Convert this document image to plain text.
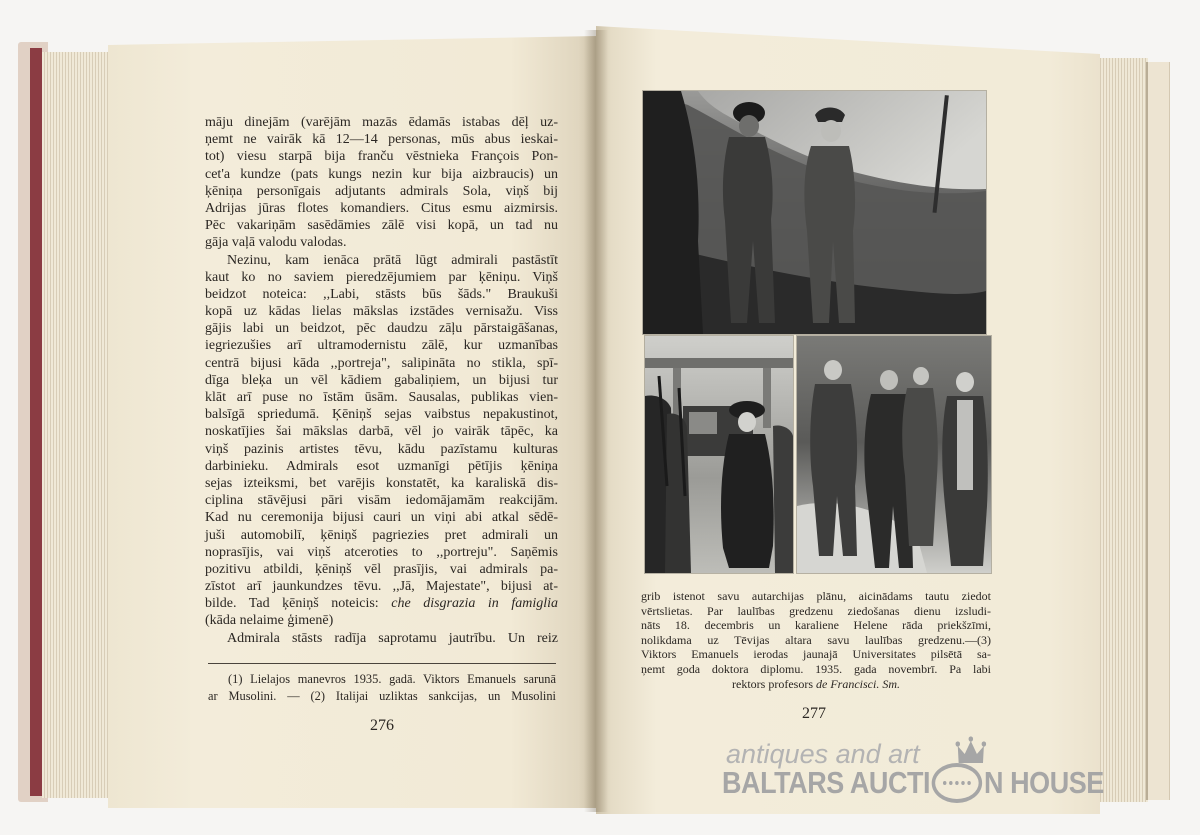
māju dinejām (varējām mazās ēdamās istabas dēļ uz-
ņemt ne vairāk kā 12—14 personas, mūs abus ieskai-
tot) viesu starpā bija franču vēstnieka François Pon-
cet'a kundze (pats kungs nezin kur bija aizbraucis) un
ķēniņa personīgais adjutants admirals Sola, viņš bij
Adrijas jūras flotes komandiers. Citus esmu aizmirsis.
Pēc vakariņām sasēdāmies zālē visi kopā, un tad nu
gāja vaļā valodu valodas.
Nezinu, kam ienāca prātā lūgt admirali pastāstīt
kaut ko no saviem pieredzējumiem par ķēniņu. Viņš
beidzot noteica: ,,Labi, stāsts būs šāds." Braukuši
kopā uz kādas lielas mākslas izstādes vernisažu. Viss
gājis labi un beidzot, pēc daudzu zāļu pārstaigāšanas,
iegriezušies arī ultramodernistu zālē, kur uzmanības
centrā bijusi kāda ,,portreja", salipināta no stikla, spī-
dīga bleķa un vēl kādiem gabaliņiem, un bijusi tur
klāt arī puse no īstām ūsām. Sausalas, publikas vien-
balsīgā spriedumā. Ķēniņš sejas vaibstus nepakustinot,
noskatījies šai mākslas darbā, vēl jo vairāk tāpēc, ka
viņš pazinis artistes tēvu, kādu pazīstamu kulturas
darbinieku. Admirals esot uzmanīgi pētījis ķēniņa
sejas izteiksmi, bet varējis konstatēt, ka karaliskā dis-
ciplina stāvējusi pāri visām iedomājamām reakcijām.
Kad nu ceremonija bijusi cauri un viņi abi atkal sēdē-
juši automobilī, ķēniņš pagriezies pret admirali un
noprasījis, vai viņš atceroties to ,,portreju". Saņēmis
pozitivu atbildi, ķēniņš vēl prasījis, vai admirals pa-
zīstot arī jaunkundzes tēvu. ,,Jā, Majestate", bijusi at-
bilde. Tad ķēniņš noteicis: che disgrazia in famiglia
(kāda nelaime ģimenē)
Admirala stāsts radīja saprotamu jautrību. Un reiz
(1) Lielajos manevros 1935. gadā. Viktors Emanuels sarunā
ar Musolini. — (2) Italijai uzliktas sankcijas, un Musolini
276
grib istenot savu autarchijas plānu, aicinādams tautu ziedot
vērtslietas. Par laulības gredzenu ziedošanas dienu izsludi-
nāts 18. decembris un karaliene Helene rāda priekšzīmi,
nolikdama uz Tēvijas altara savu laulības gredzenu.—(3)
Viktors Emanuels ierodas jaunajā Universitates pilsētā sa-
ņemt goda doktora diplomu. 1935. gada novembrī. Pa labi
rektors profesors de Francisci. Sm.
277
antiques and art
BALTARS AUCTI N HOUSE
